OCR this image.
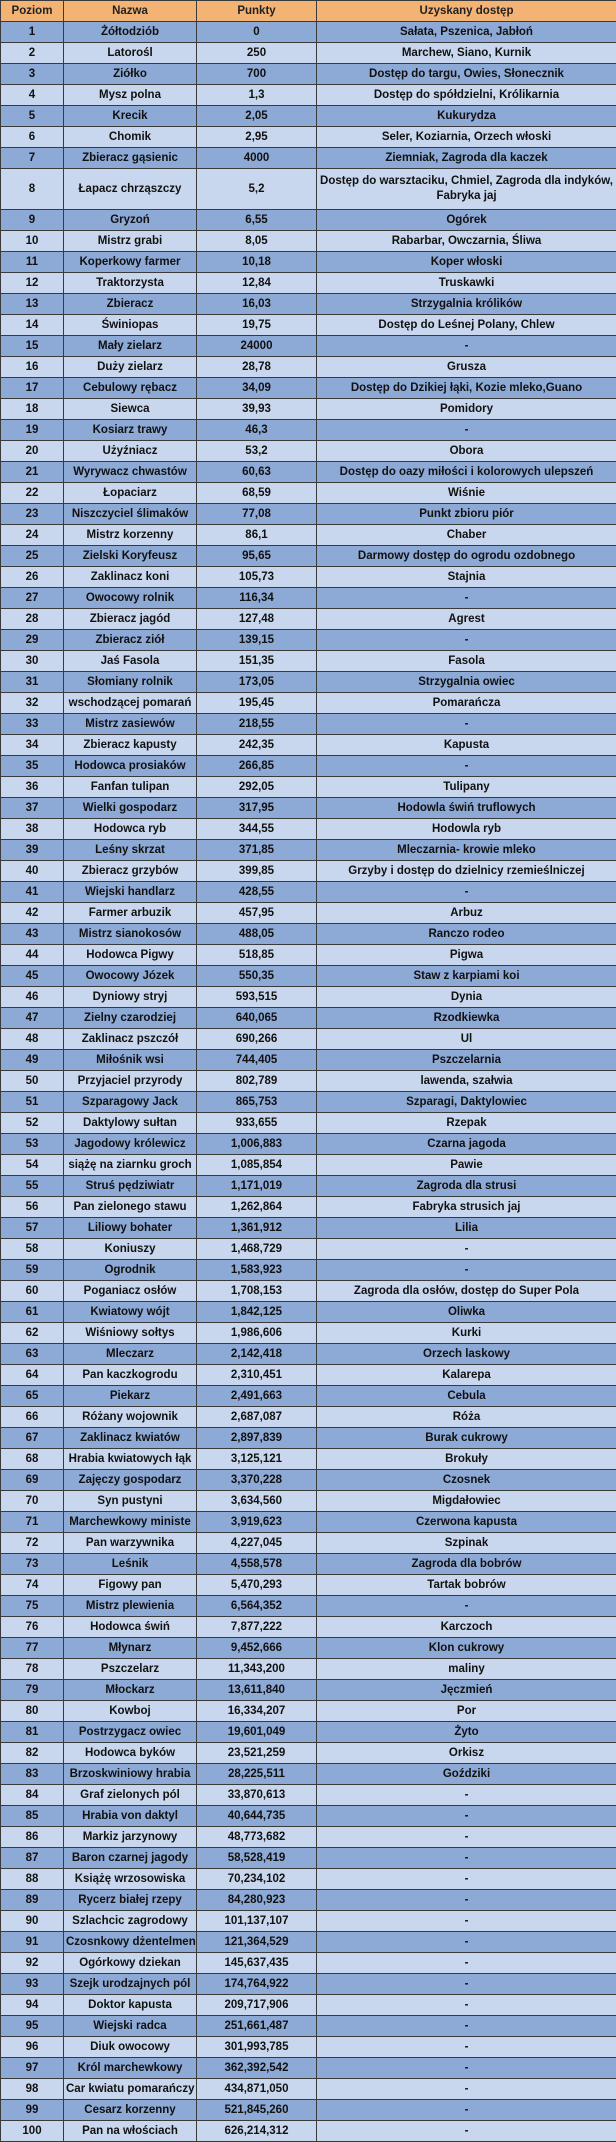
Poziom	Nazwa	Punkty	Uzyskany dostęp
1	Żółtodziób	0	Sałata, Pszenica, Jabłoń
2	Latorośl	250	Marchew, Siano, Kurnik
3	Ziółko	700	Dostęp do targu, Owies, Słonecznik
4	Mysz polna	1,3	Dostęp do spółdzielni, Królikarnia
5	Krecik	2,05	Kukurydza
6	Chomik	2,95	Seler, Koziarnia, Orzech włoski
7	Zbieracz gąsienic	4000	Ziemniak, Zagroda dla kaczek
8	Łapacz chrząszczy	5,2	Dostęp do warsztaciku, Chmiel, Zagroda dla indyków, Fabryka jaj
9	Gryzoń	6,55	Ogórek
10	Mistrz grabi	8,05	Rabarbar, Owczarnia, Śliwa
11	Koperkowy farmer	10,18	Koper włoski
12	Traktorzysta	12,84	Truskawki
13	Zbieracz	16,03	Strzygalnia królików
14	Świniopas	19,75	Dostęp do Leśnej Polany, Chlew
15	Mały zielarz	24000	-
16	Duży zielarz	28,78	Grusza
17	Cebulowy rębacz	34,09	Dostęp do Dzikiej łąki, Kozie mleko,Guano
18	Siewca	39,93	Pomidory
19	Kosiarz trawy	46,3	-
20	Użyźniacz	53,2	Obora
21	Wyrywacz chwastów	60,63	Dostęp do oazy miłości i kolorowych ulepszeń
22	Łopaciarz	68,59	Wiśnie
23	Niszczyciel ślimaków	77,08	Punkt zbioru piór
24	Mistrz korzenny	86,1	Chaber
25	Zielski Koryfeusz	95,65	Darmowy dostęp do ogrodu ozdobnego
26	Zaklinacz koni	105,73	Stajnia
27	Owocowy rolnik	116,34	-
28	Zbieracz jagód	127,48	Agrest
29	Zbieracz ziół	139,15	-
30	Jaś Fasola	151,35	Fasola
31	Słomiany rolnik	173,05	Strzygalnia owiec
32	wschodzącej pomarań	195,45	Pomarańcza
33	Mistrz zasiewów	218,55	-
34	Zbieracz kapusty	242,35	Kapusta
35	Hodowca prosiaków	266,85	-
36	Fanfan tulipan	292,05	Tulipany
37	Wielki gospodarz	317,95	Hodowla świń truflowych
38	Hodowca ryb	344,55	Hodowla ryb
39	Leśny skrzat	371,85	Mleczarnia- krowie mleko
40	Zbieracz grzybów	399,85	Grzyby i dostęp do dzielnicy rzemieślniczej
41	Wiejski handlarz	428,55	-
42	Farmer arbuzik	457,95	Arbuz
43	Mistrz sianokosów	488,05	Ranczo rodeo
44	Hodowca Pigwy	518,85	Pigwa
45	Owocowy Józek	550,35	Staw z karpiami koi
46	Dyniowy stryj	593,515	Dynia
47	Zielny czarodziej	640,065	Rzodkiewka
48	Zaklinacz pszczół	690,266	Ul
49	Miłośnik wsi	744,405	Pszczelarnia
50	Przyjaciel przyrody	802,789	lawenda, szałwia
51	Szparagowy Jack	865,753	Szparagi, Daktylowiec
52	Daktylowy sułtan	933,655	Rzepak
53	Jagodowy królewicz	1,006,883	Czarna jagoda
54	siążę na ziarnku groch	1,085,854	Pawie
55	Struś pędziwiatr	1,171,019	Zagroda dla strusi
56	Pan zielonego stawu	1,262,864	Fabryka strusich jaj
57	Liliowy bohater	1,361,912	Lilia
58	Koniuszy	1,468,729	-
59	Ogrodnik	1,583,923	-
60	Poganiacz osłów	1,708,153	Zagroda dla osłów, dostęp do Super Pola
61	Kwiatowy wójt	1,842,125	Oliwka
62	Wiśniowy sołtys	1,986,606	Kurki
63	Mleczarz	2,142,418	Orzech laskowy
64	Pan kaczkogrodu	2,310,451	Kalarepa
65	Piekarz	2,491,663	Cebula
66	Różany wojownik	2,687,087	Róża
67	Zaklinacz kwiatów	2,897,839	Burak cukrowy
68	Hrabia kwiatowych łąk	3,125,121	Brokuły
69	Zajęczy gospodarz	3,370,228	Czosnek
70	Syn pustyni	3,634,560	Migdałowiec
71	Marchewkowy ministe	3,919,623	Czerwona kapusta
72	Pan warzywnika	4,227,045	Szpinak
73	Leśnik	4,558,578	Zagroda dla bobrów
74	Figowy pan	5,470,293	Tartak bobrów
75	Mistrz plewienia	6,564,352	-
76	Hodowca świń	7,877,222	Karczoch
77	Młynarz	9,452,666	Klon cukrowy
78	Pszczelarz	11,343,200	maliny
79	Młockarz	13,611,840	Jęczmień
80	Kowboj	16,334,207	Por
81	Postrzygacz owiec	19,601,049	Żyto
82	Hodowca byków	23,521,259	Orkisz
83	Brzoskwiniowy hrabia	28,225,511	Goździki
84	Graf zielonych pól	33,870,613	-
85	Hrabia von daktyl	40,644,735	-
86	Markiz jarzynowy	48,773,682	-
87	Baron czarnej jagody	58,528,419	-
88	Książę wrzosowiska	70,234,102	-
89	Rycerz białej rzepy	84,280,923	-
90	Szlachcic zagrodowy	101,137,107	-
91	Czosnkowy dżentelmen	121,364,529	-
92	Ogórkowy dziekan	145,637,435	-
93	Szejk urodzajnych pól	174,764,922	-
94	Doktor kapusta	209,717,906	-
95	Wiejski radca	251,661,487	-
96	Diuk owocowy	301,993,785	-
97	Król marchewkowy	362,392,542	-
98	Car kwiatu pomarańczy	434,871,050	-
99	Cesarz korzenny	521,845,260	-
100	Pan na włościach	626,214,312	-
